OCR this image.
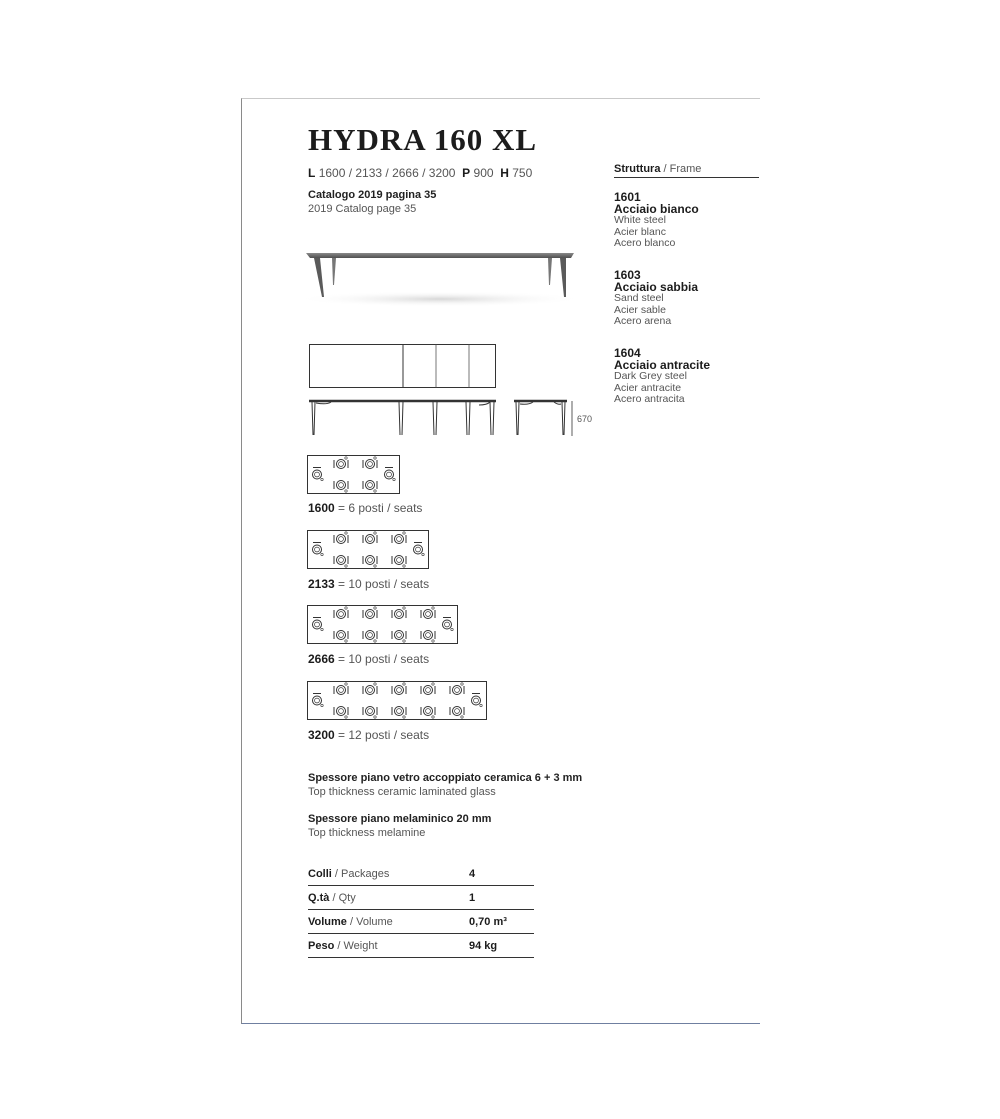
HYDRA 160 XL
L 1600 / 2133 / 2666 / 3200 P 900 H 750
Catalogo 2019 pagina 35
2019 Catalog page 35
670
Struttura / Frame
1601
Acciaio bianco
White steel
Acier blanc
Acero blanco
1603
Acciaio sabbia
Sand steel
Acier sable
Acero arena
1604
Acciaio antracite
Dark Grey steel
Acier antracite
Acero antracita
1600 = 6 posti / seats
2133 = 10 posti / seats
2666 = 10 posti / seats
3200 = 12 posti / seats
Spessore piano vetro accoppiato ceramica 6 + 3 mm
Top thickness ceramic laminated glass
Spessore piano melaminico 20 mm
Top thickness melamine
Colli / Packages	4
Q.tà / Qty	1
Volume / Volume	0,70 m³
Peso / Weight	94 kg
